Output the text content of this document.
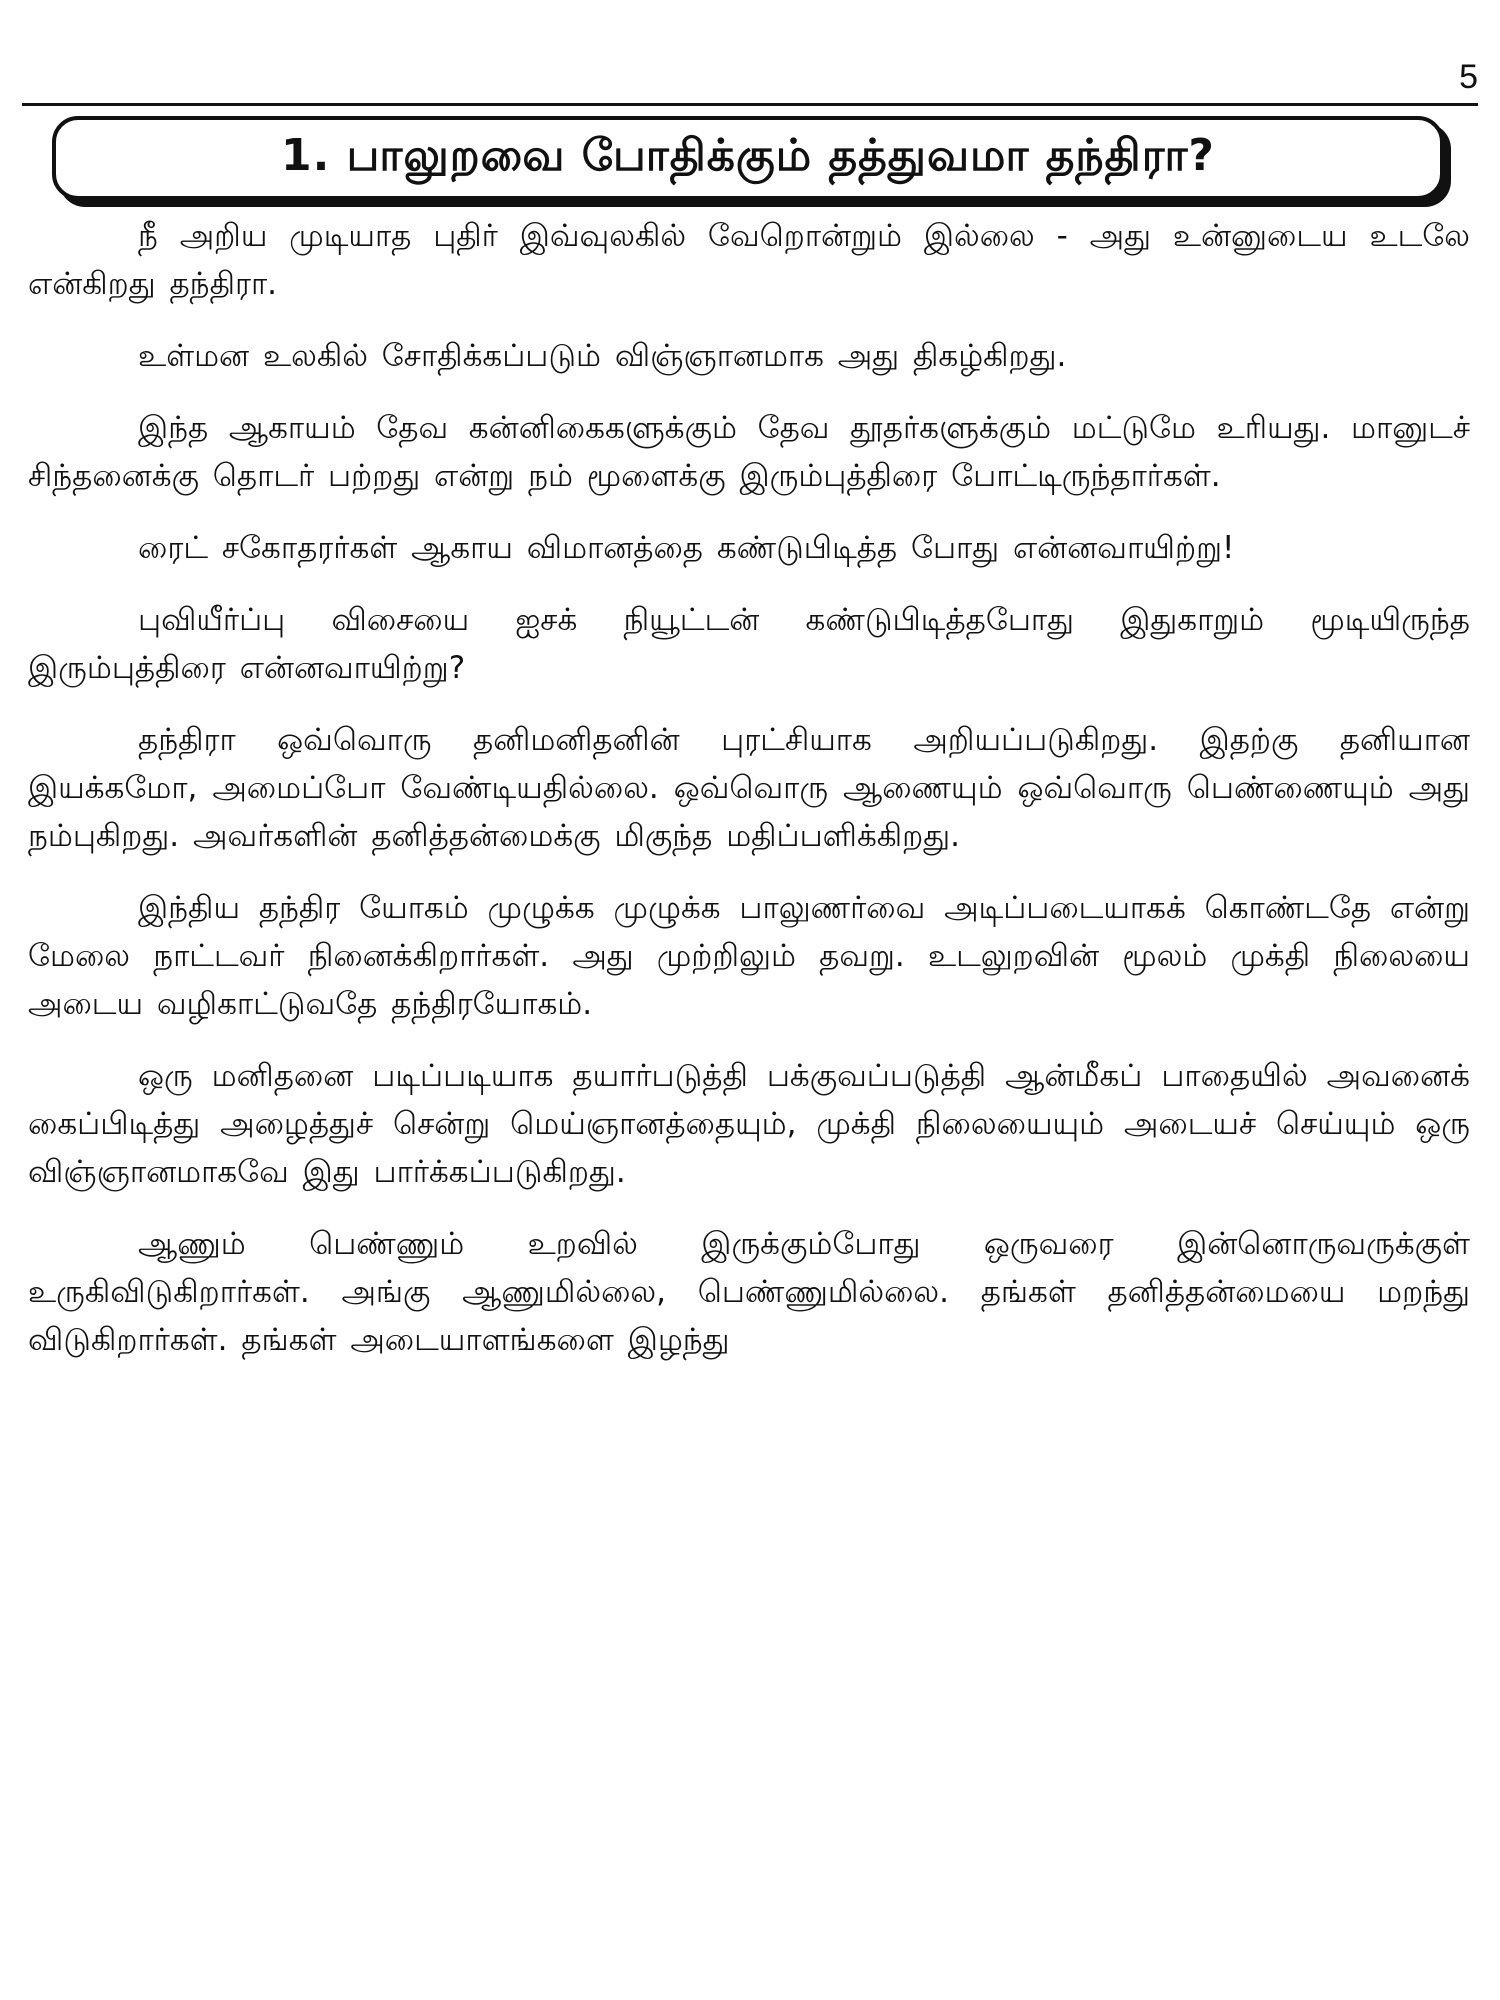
5
1. பாலுறவை போதிக்கும் தத்துவமா தந்திரா?

நீ அறிய முடியாத புதிர் இவ்வுலகில் வேறொன்றும் இல்லை - அது உன்னுடைய உடலே என்கிறது தந்திரா.

உள்மன உலகில் சோதிக்கப்படும் விஞ்ஞானமாக அது திகழ்கிறது.

இந்த ஆகாயம் தேவ கன்னிகைகளுக்கும் தேவ தூதர்களுக்கும் மட்டுமே உரியது. மானுடச் சிந்தனைக்கு தொடர் பற்றது என்று நம் மூளைக்கு இரும்புத்திரை போட்டிருந்தார்கள்.

ரைட் சகோதரர்கள் ஆகாய விமானத்தை கண்டுபிடித்த போது என்னவாயிற்று!

புவியீர்ப்பு விசையை ஐசக் நியூட்டன் கண்டுபிடித்தபோது இதுகாறும் மூடியிருந்த இரும்புத்திரை என்னவாயிற்று?

தந்திரா ஒவ்வொரு தனிமனிதனின் புரட்சியாக அறியப்படுகிறது. இதற்கு தனியான இயக்கமோ, அமைப்போ வேண்டியதில்லை. ஒவ்வொரு ஆணையும் ஒவ்வொரு பெண்ணையும் அது நம்புகிறது. அவர்களின் தனித்தன்மைக்கு மிகுந்த மதிப்பளிக்கிறது.

இந்திய தந்திர யோகம் முழுக்க முழுக்க பாலுணர்வை அடிப்படையாகக் கொண்டதே என்று மேலை நாட்டவர் நினைக்கிறார்கள். அது முற்றிலும் தவறு. உடலுறவின் மூலம் முக்தி நிலையை அடைய வழிகாட்டுவதே தந்திரயோகம்.

ஒரு மனிதனை படிப்படியாக தயார்படுத்தி பக்குவப்படுத்தி ஆன்மீகப் பாதையில் அவனைக் கைப்பிடித்து அழைத்துச் சென்று மெய்ஞானத்தையும், முக்தி நிலையையும் அடையச் செய்யும் ஒரு விஞ்ஞானமாகவே இது பார்க்கப்படுகிறது.

ஆணும் பெண்ணும் உறவில் இருக்கும்போது ஒருவரை இன்னொருவருக்குள் உருகிவிடுகிறார்கள். அங்கு ஆணுமில்லை, பெண்ணுமில்லை. தங்கள் தனித்தன்மையை மறந்து விடுகிறார்கள். தங்கள் அடையாளங்களை இழந்து
